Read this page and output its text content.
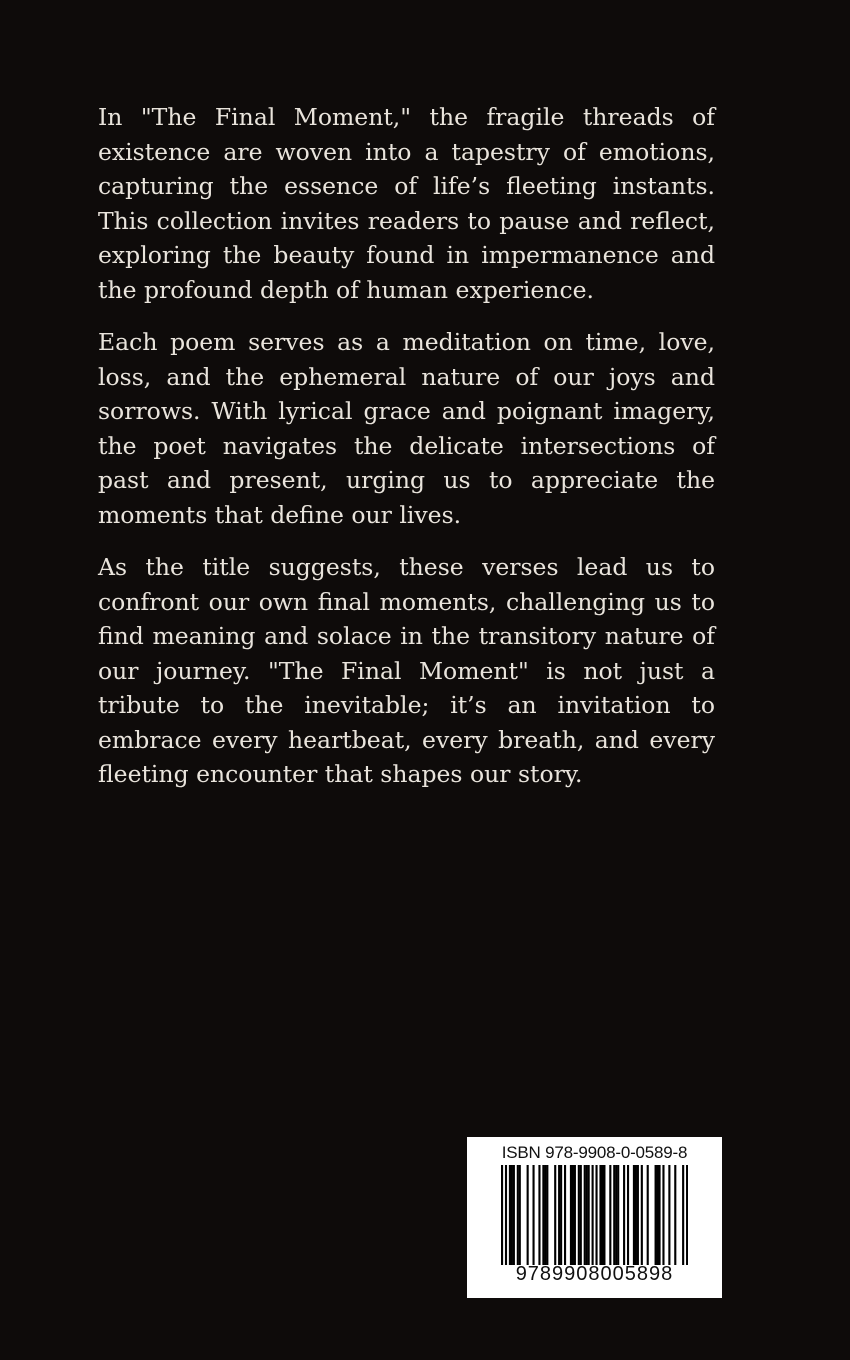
In "The Final Moment," the fragile threads of existence are woven into a tapestry of emotions, capturing the essence of life’s fleeting instants. This collection invites readers to pause and reflect, exploring the beauty found in impermanence and the profound depth of human experience.

Each poem serves as a meditation on time, love, loss, and the ephemeral nature of our joys and sorrows. With lyrical grace and poignant imagery, the poet navigates the delicate intersections of past and present, urging us to appreciate the moments that define our lives.

As the title suggests, these verses lead us to confront our own final moments, challenging us to find meaning and solace in the transitory nature of our journey. "The Final Moment" is not just a tribute to the inevitable; it’s an invitation to embrace every heartbeat, every breath, and every fleeting encounter that shapes our story.

ISBN 978-9908-0-0589-8
9789908005898
